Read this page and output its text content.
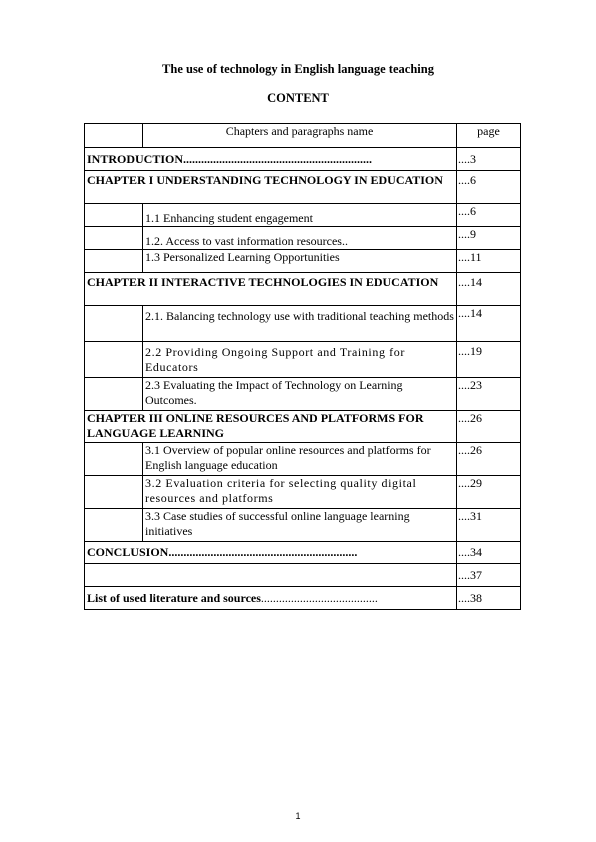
The use of technology in English language teaching
CONTENT
	Chapters and paragraphs name	page
INTRODUCTION...............................................................		....3
CHAPTER I UNDERSTANDING TECHNOLOGY IN EDUCATION		....6
	1.1 Enhancing student engagement	....6
	1.2. Access to vast information resources..	....9
	1.3 Personalized Learning Opportunities	....11
CHAPTER II INTERACTIVE TECHNOLOGIES IN EDUCATION		....14
	2.1. Balancing technology use with traditional teaching methods	....14
	2.2 Providing Ongoing Support and Training for Educators	....19
	2.3 Evaluating the Impact of Technology on Learning Outcomes.	....23
CHAPTER III ONLINE RESOURCES AND PLATFORMS FOR LANGUAGE LEARNING		....26
	3.1 Overview of popular online resources and platforms for English language education	....26
	3.2 Evaluation criteria for selecting quality digital resources and platforms	....29
	3.3 Case studies of successful online language learning initiatives	....31
CONCLUSION...............................................................		....34
		....37
List of used literature and sources.......................................		....38
1
